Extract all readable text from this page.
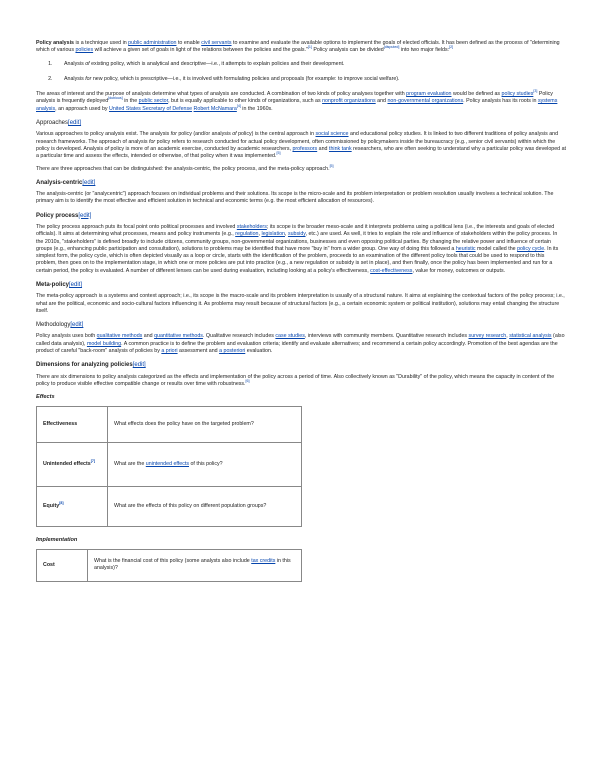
Policy analysis is a technique used in public administration to enable civil servants to examine and evaluate the available options to implement the goals of elected officials. It has been defined as the process of "determining which of various policies will achieve a given set of goals in light of the relations between the policies and the goals."[1] Policy analysis can be divided[disputed] into two major fields:[2]

1. Analysis of existing policy, which is analytical and descriptive—i.e., it attempts to explain policies and their development.
2. Analysis for new policy, which is prescriptive—i.e., it is involved with formulating policies and proposals (for example: to improve social welfare).

The areas of interest and the purpose of analysis determine what types of analysis are conducted. A combination of two kinds of policy analyses together with program evaluation would be defined as policy studies[3] Policy analysis is frequently deployed[dubious] in the public sector, but is equally applicable to other kinds of organizations, such as nonprofit organizations and non-governmental organizations. Policy analysis has its roots in systems analysis, an approach used by United States Secretary of Defense Robert McNamara[4] in the 1960s.

Approaches[edit]

Various approaches to policy analysis exist. The analysis for policy (and/or analysis of policy) is the central approach in social science and educational policy studies. It is linked to two different traditions of policy analysis and research frameworks. The approach of analysis for policy refers to research conducted for actual policy development, often commissioned by policymakers inside the bureaucracy (e.g., senior civil servants) within which the policy is developed. Analysis of policy is more of an academic exercise, conducted by academic researchers, professors and think tank researchers, who are often seeking to understand why a particular policy was developed at a particular time and assess the effects, intended or otherwise, of that policy when it was implemented.[5]

There are three approaches that can be distinguished: the analysis-centric, the policy process, and the meta-policy approach.[5]

Analysis-centric[edit]

The analysis-centric (or "analycentric") approach focuses on individual problems and their solutions. Its scope is the micro-scale and its problem interpretation or problem resolution usually involves a technical solution. The primary aim is to identify the most effective and efficient solution in technical and economic terms (e.g. the most efficient allocation of resources).

Policy process[edit]

The policy process approach puts its focal point onto political processes and involved stakeholders; its scope is the broader meso-scale and it interprets problems using a political lens (i.e., the interests and goals of elected officials). It aims at determining what processes, means and policy instruments (e.g., regulation, legislation, subsidy, etc.) are used. As well, it tries to explain the role and influence of stakeholders within the policy process. In the 2010s, "stakeholders" is defined broadly to include citizens, community groups, non-governmental organizations, businesses and even opposing political parties. By changing the relative power and influence of certain groups (e.g., enhancing public participation and consultation), solutions to problems may be identified that have more "buy in" from a wider group. One way of doing this followed a heuristic model called the policy cycle. In its simplest form, the policy cycle, which is often depicted visually as a loop or circle, starts with the identification of the problem, proceeds to an examination of the different policy tools that could be used to respond to this problem, then goes on to the implementation stage, in which one or more policies are put into practice (e.g., a new regulation or subsidy is set in place), and then finally, once the policy has been implemented and run for a certain period, the policy is evaluated. A number of different lenses can be used during evaluation, including looking at a policy's effectiveness, cost-effectiveness, value for money, outcomes or outputs.

Meta-policy[edit]

The meta-policy approach is a systems and context approach; i.e., its scope is the macro-scale and its problem interpretation is usually of a structural nature. It aims at explaining the contextual factors of the policy process; i.e., what are the political, economic and socio-cultural factors influencing it. As problems may result because of structural factors (e.g., a certain economic system or political institution), solutions may entail changing the structure itself.

Methodology[edit]

Policy analysis uses both qualitative methods and quantitative methods. Qualitative research includes case studies, interviews with community members. Quantitative research includes survey research, statistical analysis (also called data analysis), model building. A common practice is to define the problem and evaluation criteria; identify and evaluate alternatives; and recommend a certain policy accordingly. Promotion of the best agendas are the product of careful "back-room" analysis of policies by a priori assessment and a posteriori evaluation.

Dimensions for analyzing policies[edit]

There are six dimensions to policy analysis categorized as the effects and implementation of the policy across a period of time. Also collectively known as "Durability" of the policy, which means the capacity in content of the policy to produce visible effective compatible change or results over time with robustness.[6]

Effects
Effectiveness	What effects does the policy have on the targeted problem?
Unintended effects[7]	What are the unintended effects of this policy?
Equity[8]	What are the effects of this policy on different population groups?
Implementation
Cost	What is the financial cost of this policy (some analysts also include tax credits in this analysis)?
